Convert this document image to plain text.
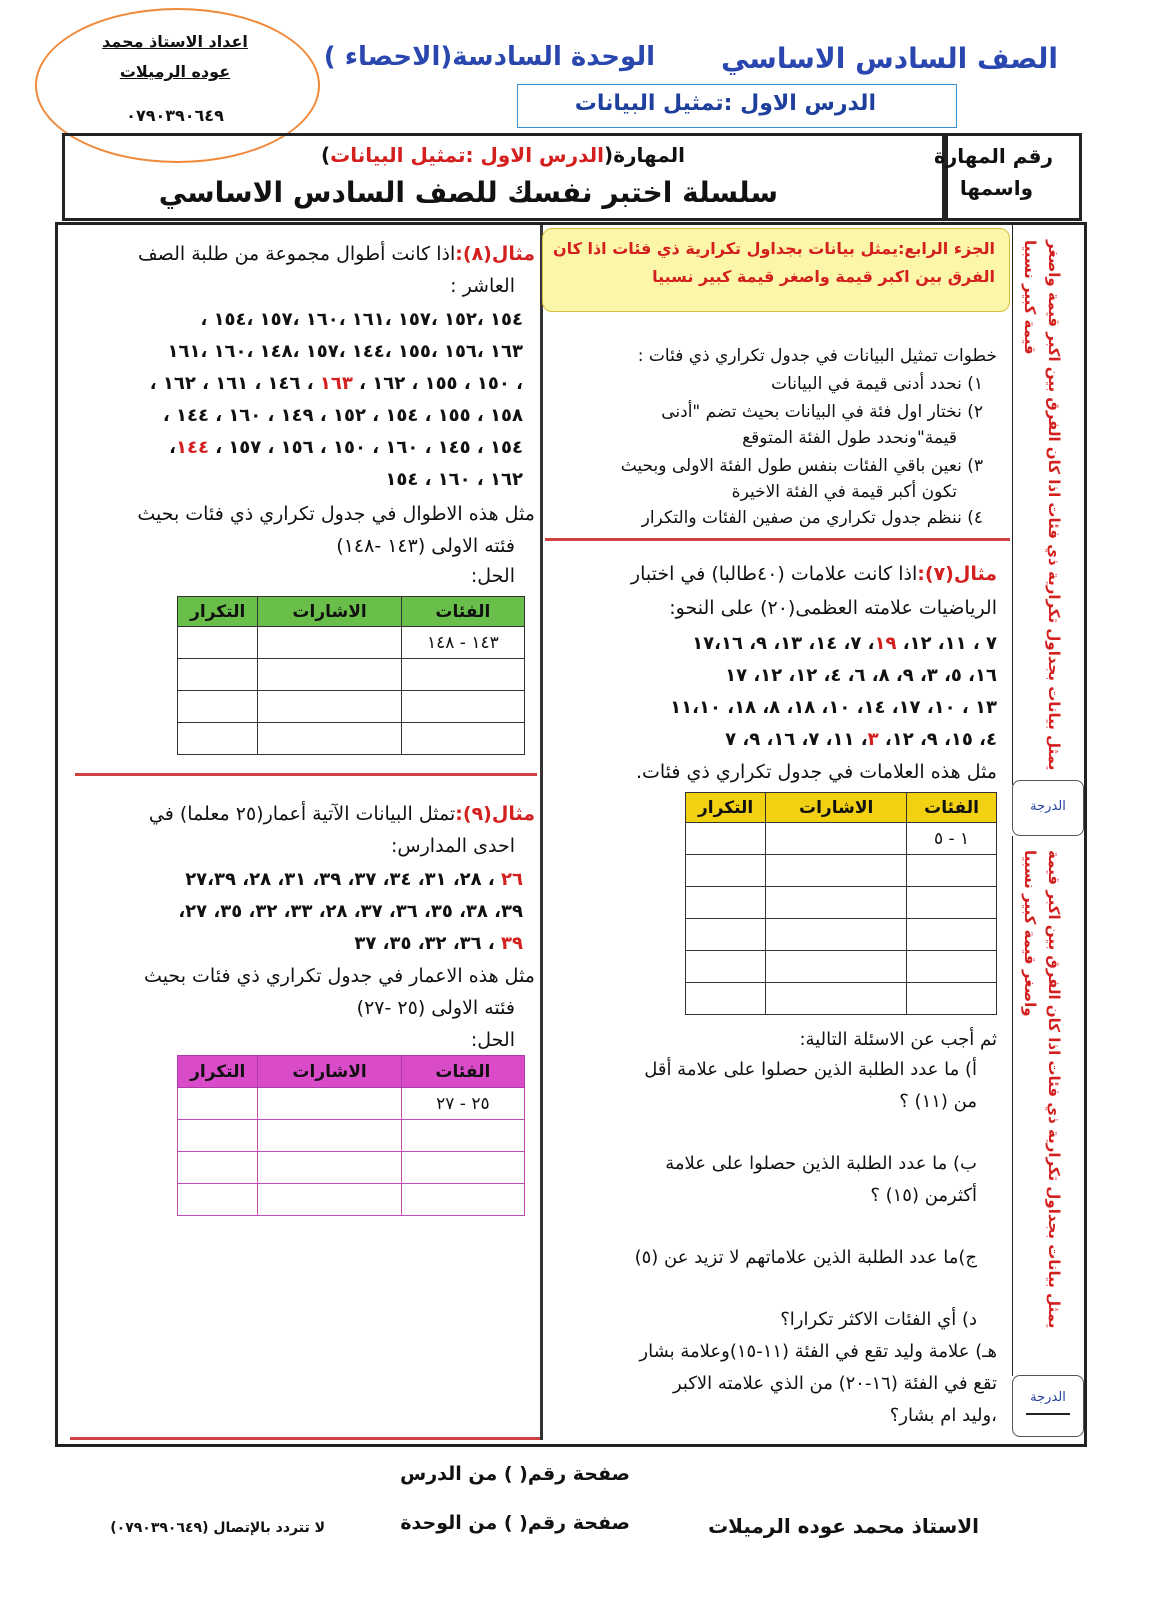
الصف السادس الاساسي
الوحدة السادسة(الاحصاء )
الدرس الاول :تمثيل البيانات
اعداد الاستاذ محمد
عوده الرميلات
٠٧٩٠٣٩٠٦٤٩
المهارة(الدرس الاول :تمثيل البيانات)
سلسلة اختبر نفسك للصف السادس الاساسي
رقم المهارة
واسمها
يمثل بيانات بجداول تكرارية ذي فئات اذا كان الفرق بين اكبر قيمة واصغر قيمة كبير نسبيا
يمثل بيانات بجداول تكرارية ذي فئات اذا كان الفرق بين اكبر قيمة واصغر قيمة كبير نسبيا
الدرجة
الدرجة
الجزء الرابع:يمثل بيانات بجداول تكرارية ذي فئات اذا كان
الفرق بين اكبر قيمة واصغر قيمة كبير نسبيا
خطوات تمثيل البيانات في جدول تكراري ذي فئات :
١) نحدد أدنى قيمة في البيانات
٢) نختار اول فئة في البيانات بحيث تضم "أدنى
قيمة"ونحدد طول الفئة المتوقع
٣) نعين باقي الفئات بنفس طول الفئة الاولى وبحيث
تكون أكبر قيمة في الفئة الاخيرة
٤) ننظم جدول تكراري من صفين الفئات والتكرار
مثال(٧):اذا كانت علامات (٤٠طالبا) في اختبار
الرياضيات علامته العظمى(٢٠) على النحو:
٧ ، ١١، ١٢، ١٩، ٧، ١٤، ١٣، ٩، ١٧،١٦
١٦، ٥، ٣، ٩، ٨، ٦، ٤، ١٢، ١٢، ١٧
١٣ ، ١٠، ١٧، ١٤، ١٠، ١٨، ٨، ١٨، ١١،١٠
٤، ١٥، ٩، ١٢، ٣، ١١، ٧، ١٦، ٩، ٧
مثل هذه العلامات في جدول تكراري ذي فئات.
الفئات	الاشارات	التكرار
١ - ٥		

ثم أجب عن الاسئلة التالية:
أ) ما عدد الطلبة الذين حصلوا على علامة أقل
من (١١) ؟
ب) ما عدد الطلبة الذين حصلوا على علامة
أكثرمن (١٥) ؟
ج)ما عدد الطلبة الذين علاماتهم لا تزيد عن (٥)
د) أي الفئات الاكثر تكرارا؟
هـ) علامة وليد تقع في الفئة (١١-١٥)وعلامة بشار
تقع في الفئة (١٦-٢٠) من الذي علامته الاكبر
،وليد ام بشار؟
مثال(٨):اذا كانت أطوال مجموعة من طلبة الصف
العاشر :
١٥٤ ،١٥٢ ،١٥٧ ،١٦١ ،١٦٠ ،١٥٧ ،١٥٤ ،
١٦٣ ،١٥٦ ،١٥٥ ،١٤٤ ،١٥٧ ،١٤٨ ،١٦٠ ،١٦١
، ١٥٠ ، ١٥٥ ، ١٦٢ ، ١٦٣ ، ١٤٦ ، ١٦١ ، ١٦٢ ،
١٥٨ ، ١٥٥ ، ١٥٤ ، ١٥٢ ، ١٤٩ ، ١٦٠ ، ١٤٤ ،
١٥٤ ، ١٤٥ ، ١٦٠ ، ١٥٠ ، ١٥٦ ، ١٥٧ ، ١٤٤،
١٦٢ ، ١٦٠ ، ١٥٤
مثل هذه الاطوال في جدول تكراري ذي فئات بحيث
فئته الاولى (١٤٣ -١٤٨)
الحل:
الفئات	الاشارات	التكرار
١٤٣ - ١٤٨		

مثال(٩):تمثل البيانات الآتية أعمار(٢٥ معلما) في
احدى المدارس:
٢٦ ، ٢٨، ٣١، ٣٤، ٣٧، ٣٩، ٣١، ٢٨، ٢٧،٣٩
٣٩، ٣٨، ٣٥، ٣٦، ٣٧، ٢٨، ٣٣، ٣٢، ٣٥، ٢٧،
٣٩ ، ٣٦، ٣٢، ٣٥، ٣٧
مثل هذه الاعمار في جدول تكراري ذي فئات بحيث
فئته الاولى (٢٥ -٢٧)
الحل:
الفئات	الاشارات	التكرار
٢٥ - ٢٧		

صفحة رقم( ) من الدرس
صفحة رقم( ) من الوحدة	الاستاذ محمد عوده الرميلات
لا تتردد بالإتصال (٠٧٩٠٣٩٠٦٤٩)
